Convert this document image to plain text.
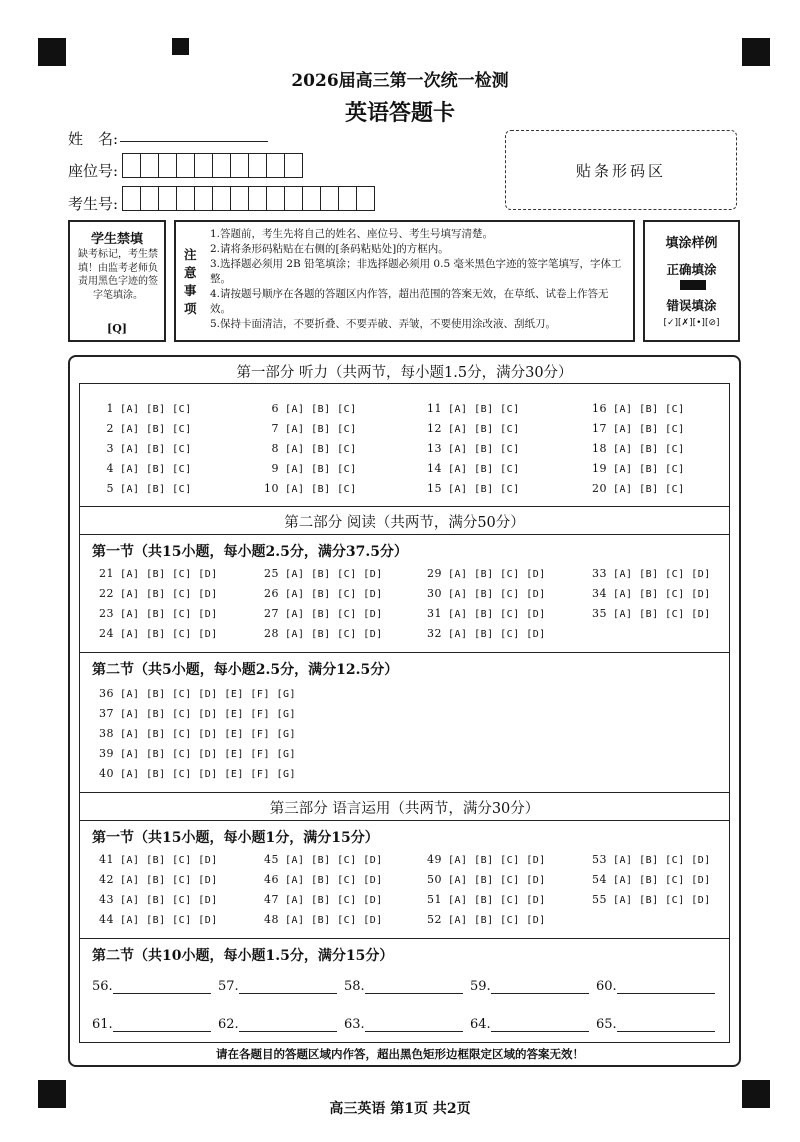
2026届高三第一次统一检测
英语答题卡
姓　名:
座位号:
考生号:
贴条形码区
学生禁填
缺考标记，考生禁填！由监考老师负责用黑色字迹的签字笔填涂。
[Q]
注意事项
1.答题前，考生先将自己的姓名、座位号、考生号填写清楚。
2.请将条形码粘贴在右侧的[条码粘贴处]的方框内。
3.选择题必须用 2B 铅笔填涂；非选择题必须用 0.5 毫米黑色字迹的签字笔填写，字体工整。
4.请按题号顺序在各题的答题区内作答，超出范围的答案无效，在草纸、试卷上作答无效。
5.保持卡面清洁，不要折叠、不要弄破、弄皱，不要使用涂改液、刮纸刀。
填涂样例
正确填涂
错误填涂
[✓][✗][•][⊘]
第一部分 听力（共两节，每小题1.5分，满分30分）
1 [A] [B] [C]
2 [A] [B] [C]
3 [A] [B] [C]
4 [A] [B] [C]
5 [A] [B] [C]
6 [A] [B] [C]
7 [A] [B] [C]
8 [A] [B] [C]
9 [A] [B] [C]
10 [A] [B] [C]
11 [A] [B] [C]
12 [A] [B] [C]
13 [A] [B] [C]
14 [A] [B] [C]
15 [A] [B] [C]
16 [A] [B] [C]
17 [A] [B] [C]
18 [A] [B] [C]
19 [A] [B] [C]
20 [A] [B] [C]
第二部分 阅读（共两节，满分50分）
第一节（共15小题，每小题2.5分，满分37.5分）
21 [A] [B] [C] [D]
22 [A] [B] [C] [D]
23 [A] [B] [C] [D]
24 [A] [B] [C] [D]
25 [A] [B] [C] [D]
26 [A] [B] [C] [D]
27 [A] [B] [C] [D]
28 [A] [B] [C] [D]
29 [A] [B] [C] [D]
30 [A] [B] [C] [D]
31 [A] [B] [C] [D]
32 [A] [B] [C] [D]
33 [A] [B] [C] [D]
34 [A] [B] [C] [D]
35 [A] [B] [C] [D]
第二节（共5小题，每小题2.5分，满分12.5分）
36 [A] [B] [C] [D] [E] [F] [G]
37 [A] [B] [C] [D] [E] [F] [G]
38 [A] [B] [C] [D] [E] [F] [G]
39 [A] [B] [C] [D] [E] [F] [G]
40 [A] [B] [C] [D] [E] [F] [G]
第三部分 语言运用（共两节，满分30分）
第一节（共15小题，每小题1分，满分15分）
41 [A] [B] [C] [D]
42 [A] [B] [C] [D]
43 [A] [B] [C] [D]
44 [A] [B] [C] [D]
45 [A] [B] [C] [D]
46 [A] [B] [C] [D]
47 [A] [B] [C] [D]
48 [A] [B] [C] [D]
49 [A] [B] [C] [D]
50 [A] [B] [C] [D]
51 [A] [B] [C] [D]
52 [A] [B] [C] [D]
53 [A] [B] [C] [D]
54 [A] [B] [C] [D]
55 [A] [B] [C] [D]
第二节（共10小题，每小题1.5分，满分15分）
56.	57.	58.	59.	60.
61.	62.	63.	64.	65.
请在各题目的答题区域内作答，超出黑色矩形边框限定区域的答案无效！
高三英语 第1页 共2页
